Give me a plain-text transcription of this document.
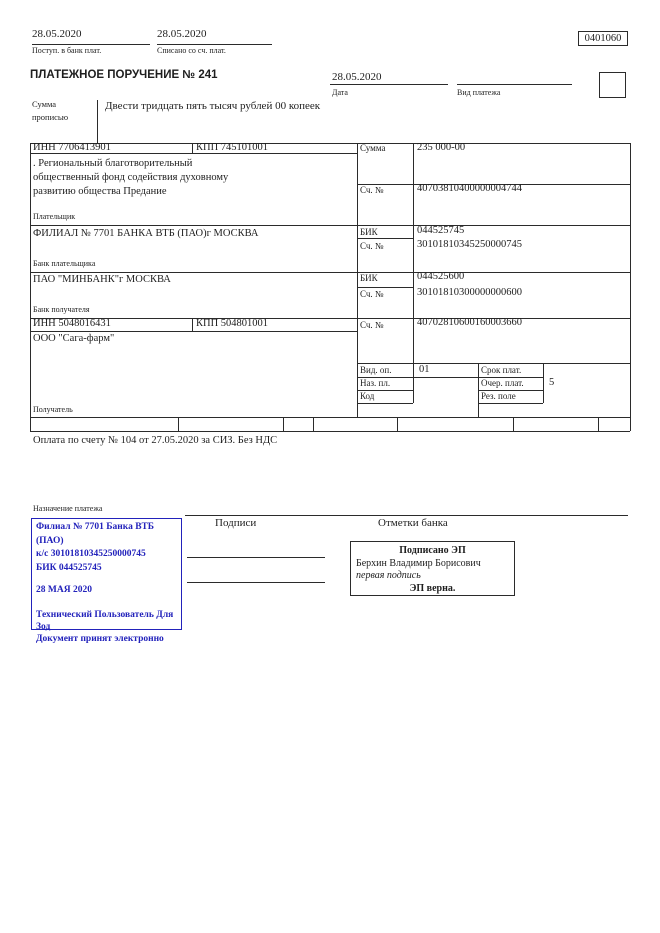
28.05.2020
Поступ. в банк плат.
28.05.2020
Списано со сч. плат.
0401060
ПЛАТЕЖНОЕ ПОРУЧЕНИЕ № 241	28.05.2020
Дата	Вид платежа
Сумма
прописью
Двести тридцать пять тысяч рублей 00 копеек
ИНН 7706413901	КПП 745101001	Сумма	235 000-00
. Региональный благотворительный
общественный фонд содействия духовному
развитию общества Предание	Сч. №	40703810400000004744
Плательщик
ФИЛИАЛ № 7701 БАНКА ВТБ (ПАО)г МОСКВА	БИК	044525745
Сч. №	30101810345250000745
Банк плательщика
ПАО "МИНБАНК"г МОСКВА	БИК	044525600
Сч. №	30101810300000000600
Банк получателя
ИНН 5048016431	КПП 504801001	Сч. №	40702810600160003660
ООО "Сага-фарм"
Вид. оп.	01	Срок плат.
Наз. пл.	Очер. плат. 5
Код	Рез. поле
Получатель
Оплата по счету № 104 от 27.05.2020 за СИЗ. Без НДС
Назначение платежа
Подписи	Отметки банка
Филиал № 7701 Банка ВТБ (ПАО)
к/с 30101810345250000745
БИК 044525745
28 МАЯ 2020
Технический Пользователь Для
Зод
Документ принят электронно
Подписано ЭП
Берхин Владимир Борисович
первая подпись
ЭП верна.
